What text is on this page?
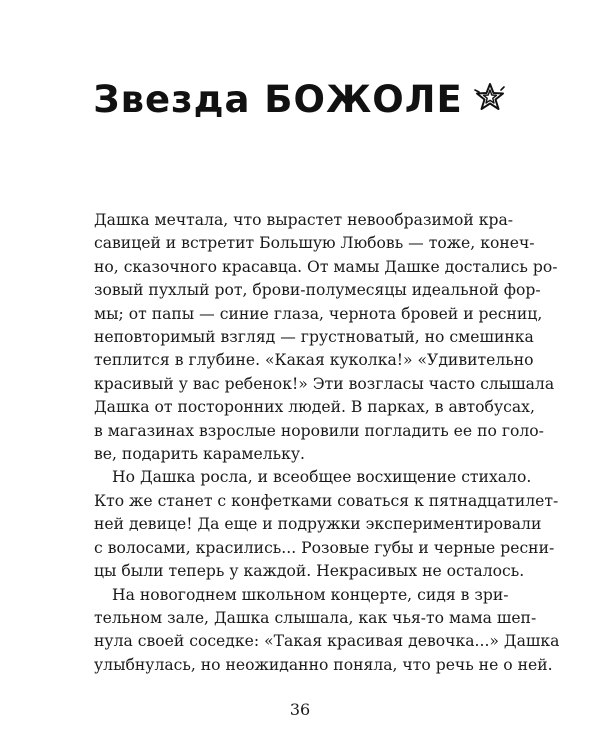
Звезда БОЖОЛЕ
Дашка мечтала, что вырастет невообразимой кра-
савицей и встретит Большую Любовь — тоже, конеч-
но, сказочного красавца. От мамы Дашке достались ро-
зовый пухлый рот, брови-полумесяцы идеальной фор-
мы; от папы — синие глаза, чернота бровей и ресниц,
неповторимый взгляд — грустноватый, но смешинка
теплится в глубине. «Какая куколка!» «Удивительно
красивый у вас ребенок!» Эти возгласы часто слышала
Дашка от посторонних людей. В парках, в автобусах,
в магазинах взрослые норовили погладить ее по голо-
ве, подарить карамельку.
Но Дашка росла, и всеобщее восхищение стихало.
Кто же станет с конфетками соваться к пятнадцатилет-
ней девице! Да еще и подружки экспериментировали
с волосами, красились... Розовые губы и черные ресни-
цы были теперь у каждой. Некрасивых не осталось.
На новогоднем школьном концерте, сидя в зри-
тельном зале, Дашка слышала, как чья-то мама шеп-
нула своей соседке: «Такая красивая девочка...» Дашка
улыбнулась, но неожиданно поняла, что речь не о ней.
36
